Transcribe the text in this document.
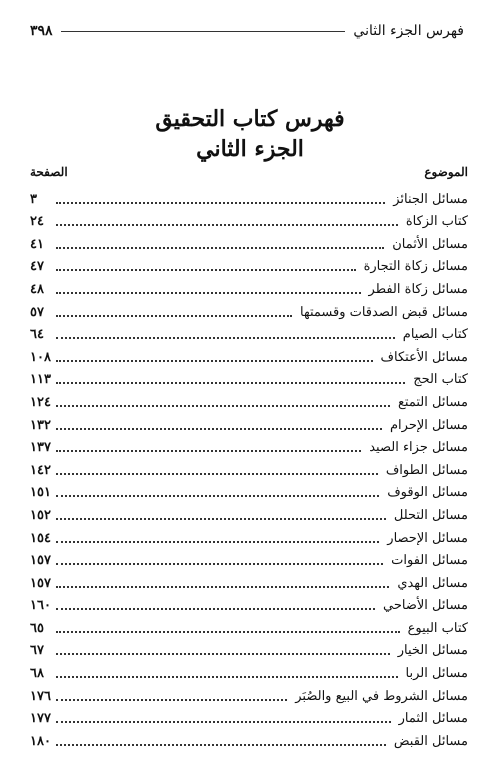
فهرس الجزء الثاني
٣٩٨
فهرس كتاب التحقيق
الجزء الثاني
الموضوع
الصفحة
مسائل الجنائز
٣
كتاب الزكاة
٢٤
مسائل الأثمان
٤١
مسائل زكاة التجارة
٤٧
مسائل زكاة الفطر
٤٨
مسائل قبض الصدقات وقسمتها
٥٧
كتاب الصيام
٦٤
مسائل الأعتكاف
١٠٨
كتاب الحج
١١٣
مسائل التمتع
١٢٤
مسائل الإحرام
١٣٢
مسائل جزاء الصيد
١٣٧
مسائل الطواف
١٤٢
مسائل الوقوف
١٥١
مسائل التحلل
١٥٢
مسائل الإحصار
١٥٤
مسائل الفوات
١٥٧
مسائل الهدي
١٥٧
مسائل الأضاحي
١٦٠
كتاب البيوع
٦٥
مسائل الخيار
٦٧
مسائل الربا
٦٨
مسائل الشروط في البيع والصُبَر
١٧٦
مسائل الثمار
١٧٧
مسائل القبض
١٨٠
